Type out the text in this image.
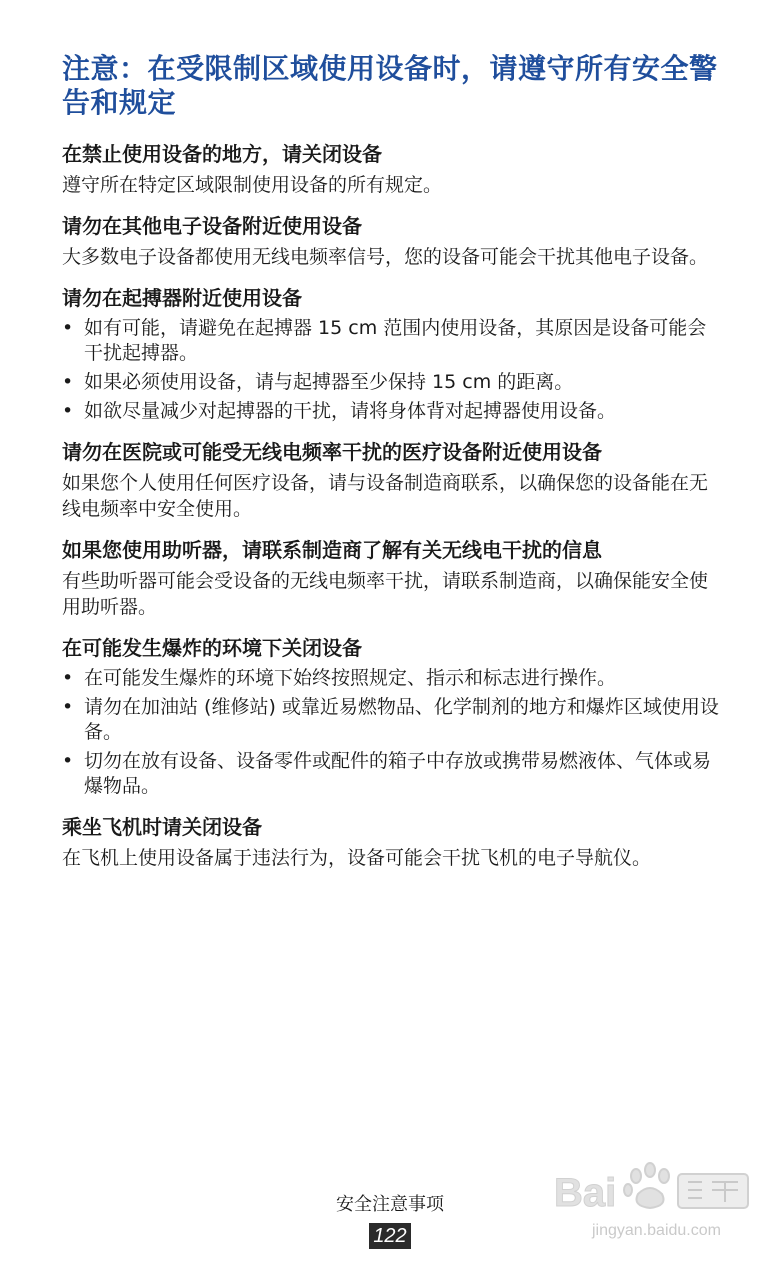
注意：在受限制区域使用设备时，请遵守所有安全警告和规定
在禁止使用设备的地方，请关闭设备

遵守所在特定区域限制使用设备的所有规定。

请勿在其他电子设备附近使用设备

大多数电子设备都使用无线电频率信号，您的设备可能会干扰其他电子设备。

请勿在起搏器附近使用设备
• 如有可能，请避免在起搏器 15 cm 范围内使用设备，其原因是设备可能会干扰起搏器。
• 如果必须使用设备，请与起搏器至少保持 15 cm 的距离。
• 如欲尽量减少对起搏器的干扰，请将身体背对起搏器使用设备。
请勿在医院或可能受无线电频率干扰的医疗设备附近使用设备

如果您个人使用任何医疗设备，请与设备制造商联系，以确保您的设备能在无线电频率中安全使用。

如果您使用助听器，请联系制造商了解有关无线电干扰的信息

有些助听器可能会受设备的无线电频率干扰，请联系制造商，以确保能安全使用助听器。

在可能发生爆炸的环境下关闭设备
• 在可能发生爆炸的环境下始终按照规定、指示和标志进行操作。
• 请勿在加油站 (维修站) 或靠近易燃物品、化学制剂的地方和爆炸区域使用设备。
• 切勿在放有设备、设备零件或配件的箱子中存放或携带易燃液体、气体或易爆物品。
乘坐飞机时请关闭设备

在飞机上使用设备属于违法行为，设备可能会干扰飞机的电子导航仪。

安全注意事项

122
Bai
jingyan.baidu.com
